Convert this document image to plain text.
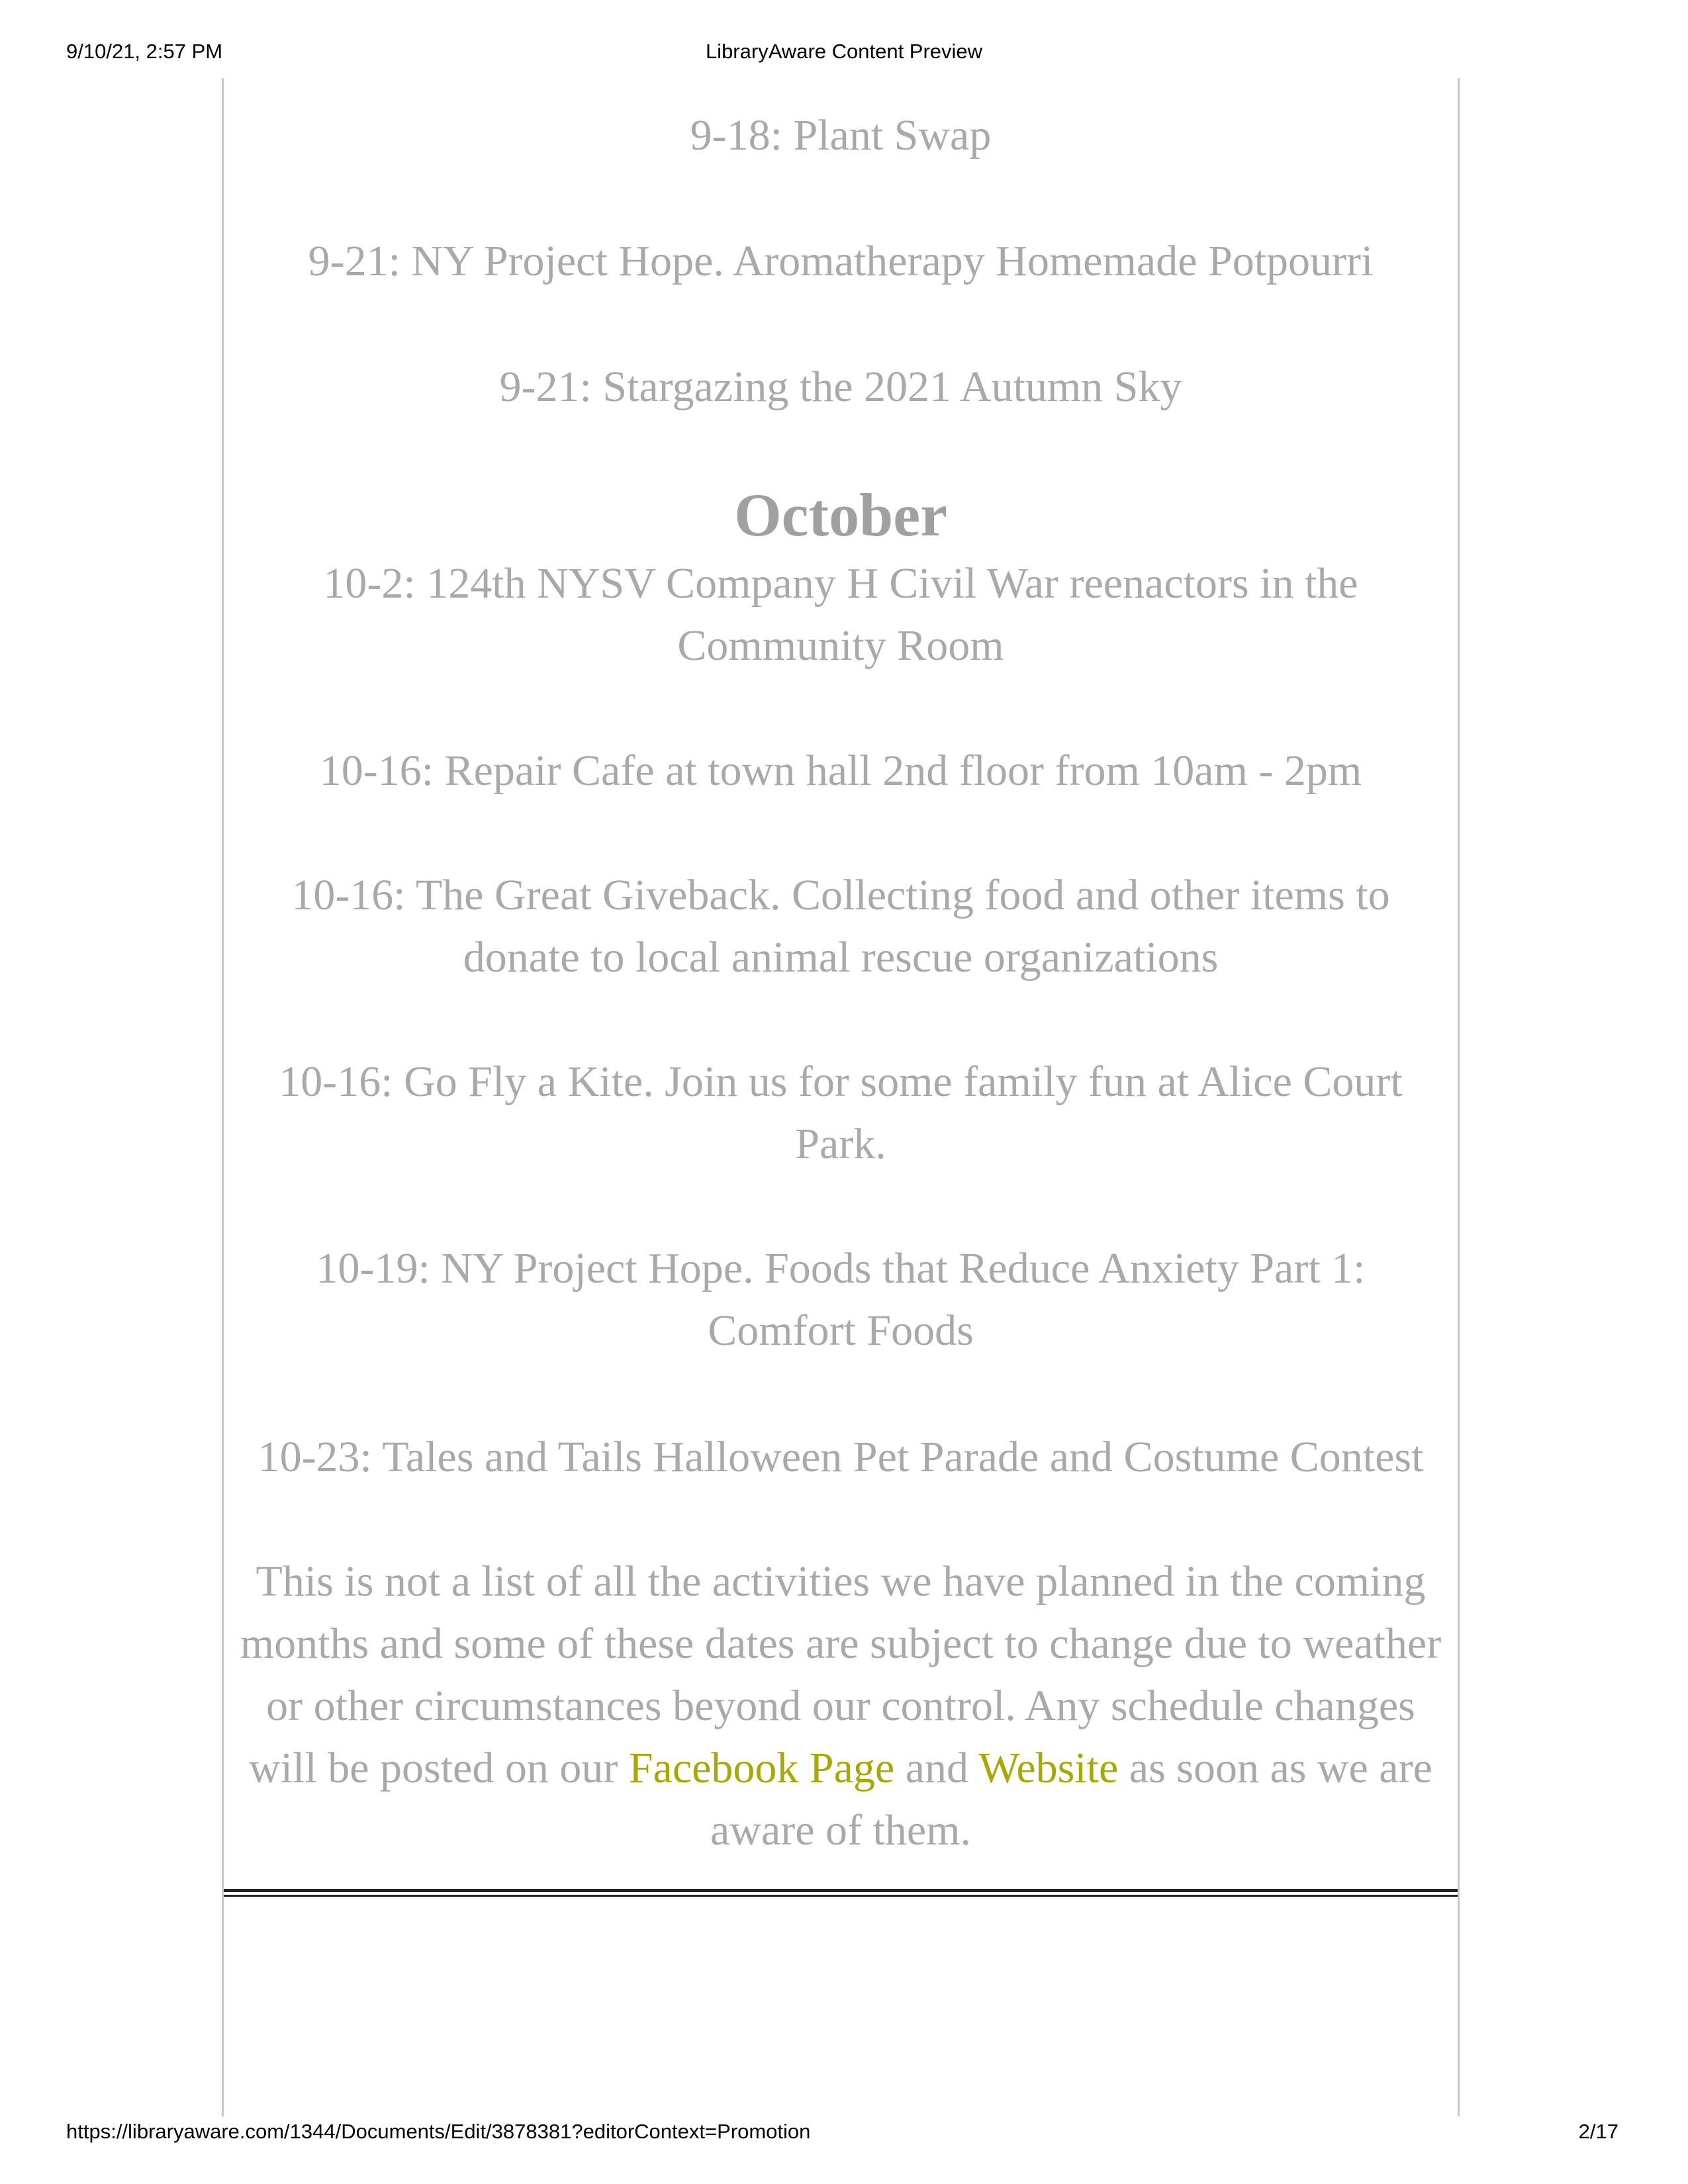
9/10/21, 2:57 PM	LibraryAware Content Preview
9-18: Plant Swap
9-21: NY Project Hope. Aromatherapy Homemade Potpourri
9-21: Stargazing the 2021 Autumn Sky
October
10-2: 124th NYSV Company H Civil War reenactors in the Community Room
10-16: Repair Cafe at town hall 2nd floor from 10am - 2pm
10-16: The Great Giveback. Collecting food and other items to donate to local animal rescue organizations
10-16: Go Fly a Kite. Join us for some family fun at Alice Court Park.
10-19: NY Project Hope. Foods that Reduce Anxiety Part 1: Comfort Foods
10-23: Tales and Tails Halloween Pet Parade and Costume Contest
This is not a list of all the activities we have planned in the coming months and some of these dates are subject to change due to weather or other circumstances beyond our control. Any schedule changes will be posted on our Facebook Page and Website as soon as we are aware of them.
https://libraryaware.com/1344/Documents/Edit/3878381?editorContext=Promotion	2/17
